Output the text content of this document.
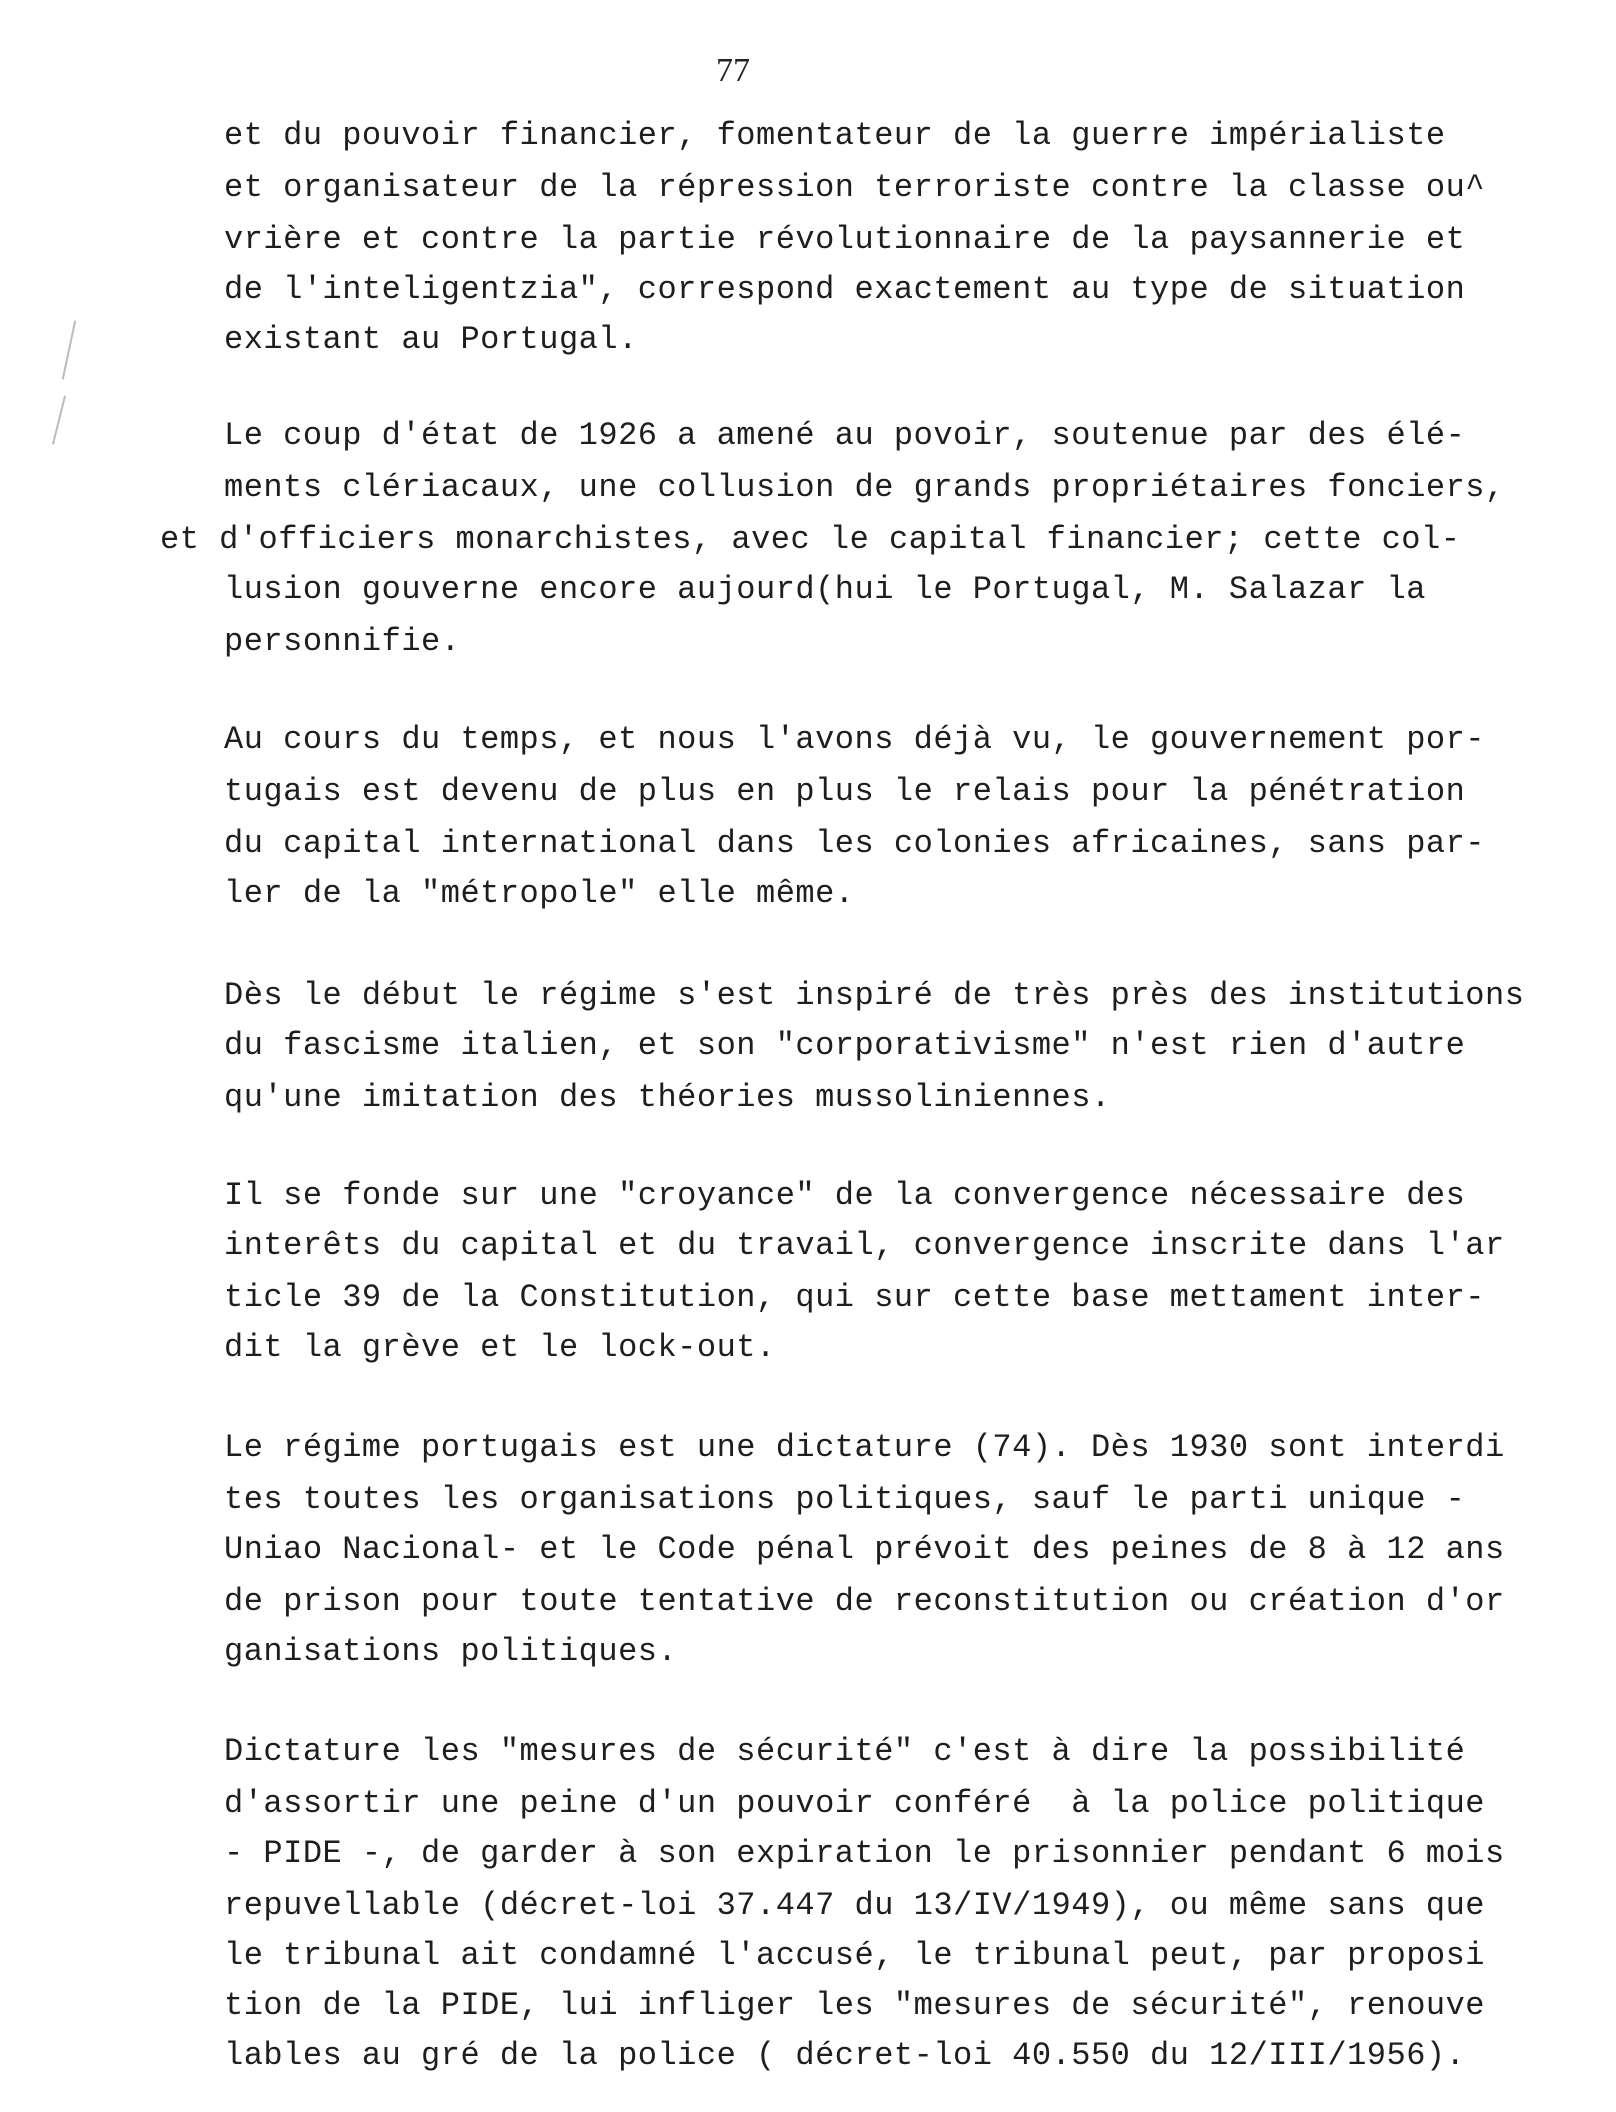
77
et du pouvoir financier, fomentateur de la guerre impérialiste
et organisateur de la répression terroriste contre la classe ou^
vrière et contre la partie révolutionnaire de la paysannerie et
de l'inteligentzia", correspond exactement au type de situation
existant au Portugal.
Le coup d'état de 1926 a amené au povoir, soutenue par des élé-
ments clériacaux, une collusion de grands propriétaires fonciers,
et d'officiers monarchistes, avec le capital financier; cette col-
lusion gouverne encore aujourd(hui le Portugal, M. Salazar la
personnifie.
Au cours du temps, et nous l'avons déjà vu, le gouvernement por-
tugais est devenu de plus en plus le relais pour la pénétration
du capital international dans les colonies africaines, sans par-
ler de la "métropole" elle même.
Dès le début le régime s'est inspiré de très près des institutions
du fascisme italien, et son "corporativisme" n'est rien d'autre
qu'une imitation des théories mussoliniennes.
Il se fonde sur une "croyance" de la convergence nécessaire des
interêts du capital et du travail, convergence inscrite dans l'ar
ticle 39 de la Constitution, qui sur cette base mettament inter-
dit la grève et le lock-out.
Le régime portugais est une dictature (74). Dès 1930 sont interdi
tes toutes les organisations politiques, sauf le parti unique -
Uniao Nacional- et le Code pénal prévoit des peines de 8 à 12 ans
de prison pour toute tentative de reconstitution ou création d'or
ganisations politiques.
Dictature les "mesures de sécurité" c'est à dire la possibilité
d'assortir une peine d'un pouvoir conféré  à la police politique
- PIDE -, de garder à son expiration le prisonnier pendant 6 mois
repuvellable (décret-loi 37.447 du 13/IV/1949), ou même sans que
le tribunal ait condamné l'accusé, le tribunal peut, par proposi
tion de la PIDE, lui infliger les "mesures de sécurité", renouve
lables au gré de la police ( décret-loi 40.550 du 12/III/1956).
